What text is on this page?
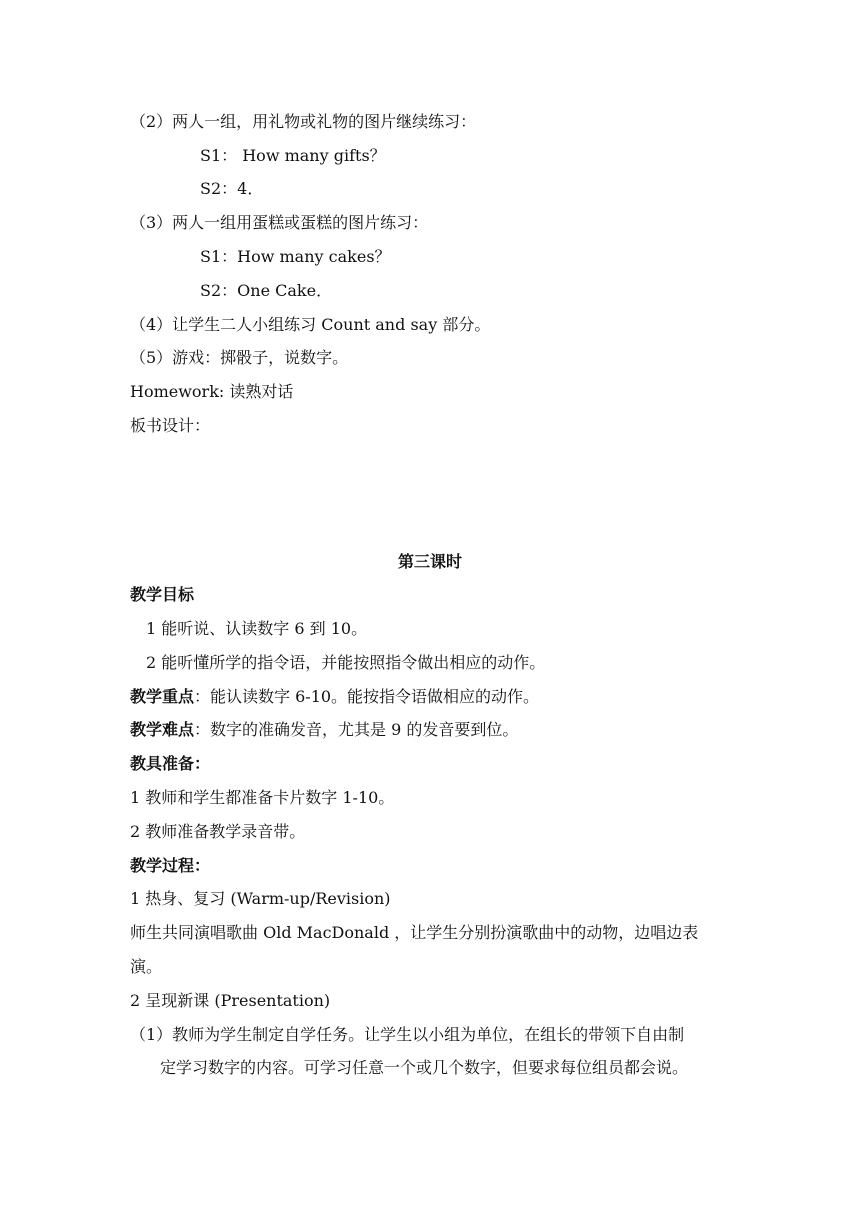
（2）两人一组，用礼物或礼物的图片继续练习：
S1： How many gifts？
S2：4．
（3）两人一组用蛋糕或蛋糕的图片练习：
S1：How many cakes？
S2：One Cake．
（4）让学生二人小组练习 Count and say 部分。
（5）游戏：掷骰子，说数字。
Homework: 读熟对话
板书设计：
第三课时
教学目标
1 能听说、认读数字 6 到 10。
2 能听懂所学的指令语，并能按照指令做出相应的动作。
教学重点：能认读数字 6-10。能按指令语做相应的动作。
教学难点：数字的准确发音，尤其是 9 的发音要到位。
教具准备：
1 教师和学生都准备卡片数字 1-10。
2 教师准备教学录音带。
教学过程：
1 热身、复习 (Warm-up/Revision)
师生共同演唱歌曲 Old MacDonald ，让学生分别扮演歌曲中的动物，边唱边表
演。
2 呈现新课 (Presentation)
（1）教师为学生制定自学任务。让学生以小组为单位，在组长的带领下自由制
定学习数字的内容。可学习任意一个或几个数字，但要求每位组员都会说。
